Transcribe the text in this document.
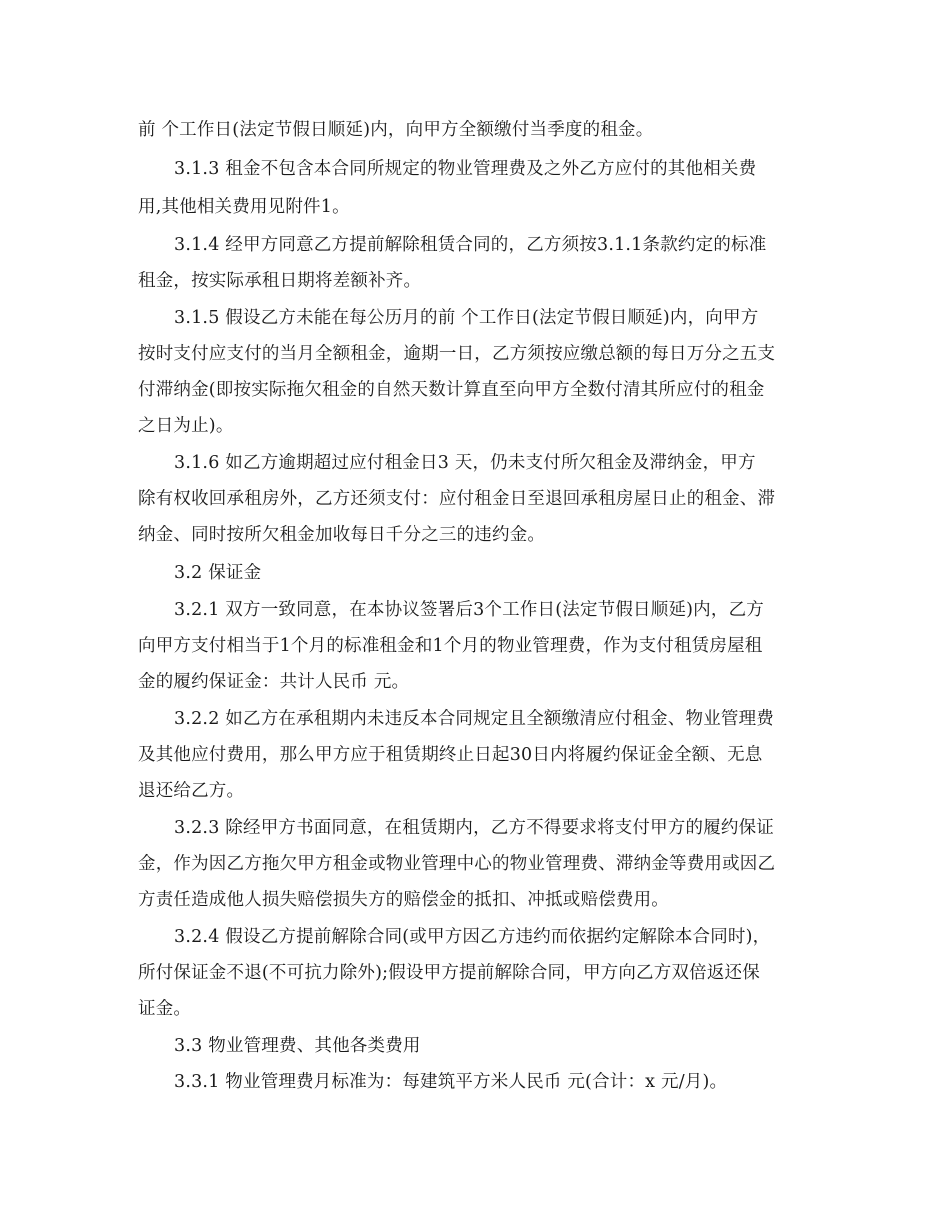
前 个工作日(法定节假日顺延)内，向甲方全额缴付当季度的租金。
3.1.3 租金不包含本合同所规定的物业管理费及之外乙方应付的其他相关费
用,其他相关费用见附件1。
3.1.4 经甲方同意乙方提前解除租赁合同的，乙方须按3.1.1条款约定的标准
租金，按实际承租日期将差额补齐。
3.1.5 假设乙方未能在每公历月的前 个工作日(法定节假日顺延)内，向甲方
按时支付应支付的当月全额租金，逾期一日，乙方须按应缴总额的每日万分之五支
付滞纳金(即按实际拖欠租金的自然天数计算直至向甲方全数付清其所应付的租金
之日为止)。
3.1.6 如乙方逾期超过应付租金日3 天，仍未支付所欠租金及滞纳金，甲方
除有权收回承租房外，乙方还须支付：应付租金日至退回承租房屋日止的租金、滞
纳金、同时按所欠租金加收每日千分之三的违约金。
3.2 保证金
3.2.1 双方一致同意，在本协议签署后3个工作日(法定节假日顺延)内，乙方
向甲方支付相当于1个月的标准租金和1个月的物业管理费，作为支付租赁房屋租
金的履约保证金：共计人民币 元。
3.2.2 如乙方在承租期内未违反本合同规定且全额缴清应付租金、物业管理费
及其他应付费用，那么甲方应于租赁期终止日起30日内将履约保证金全额、无息
退还给乙方。
3.2.3 除经甲方书面同意，在租赁期内，乙方不得要求将支付甲方的履约保证
金，作为因乙方拖欠甲方租金或物业管理中心的物业管理费、滞纳金等费用或因乙
方责任造成他人损失赔偿损失方的赔偿金的抵扣、冲抵或赔偿费用。
3.2.4 假设乙方提前解除合同(或甲方因乙方违约而依据约定解除本合同时)，
所付保证金不退(不可抗力除外);假设甲方提前解除合同，甲方向乙方双倍返还保
证金。
3.3 物业管理费、其他各类费用
3.3.1 物业管理费月标准为：每建筑平方米人民币 元(合计：x 元/月)。
